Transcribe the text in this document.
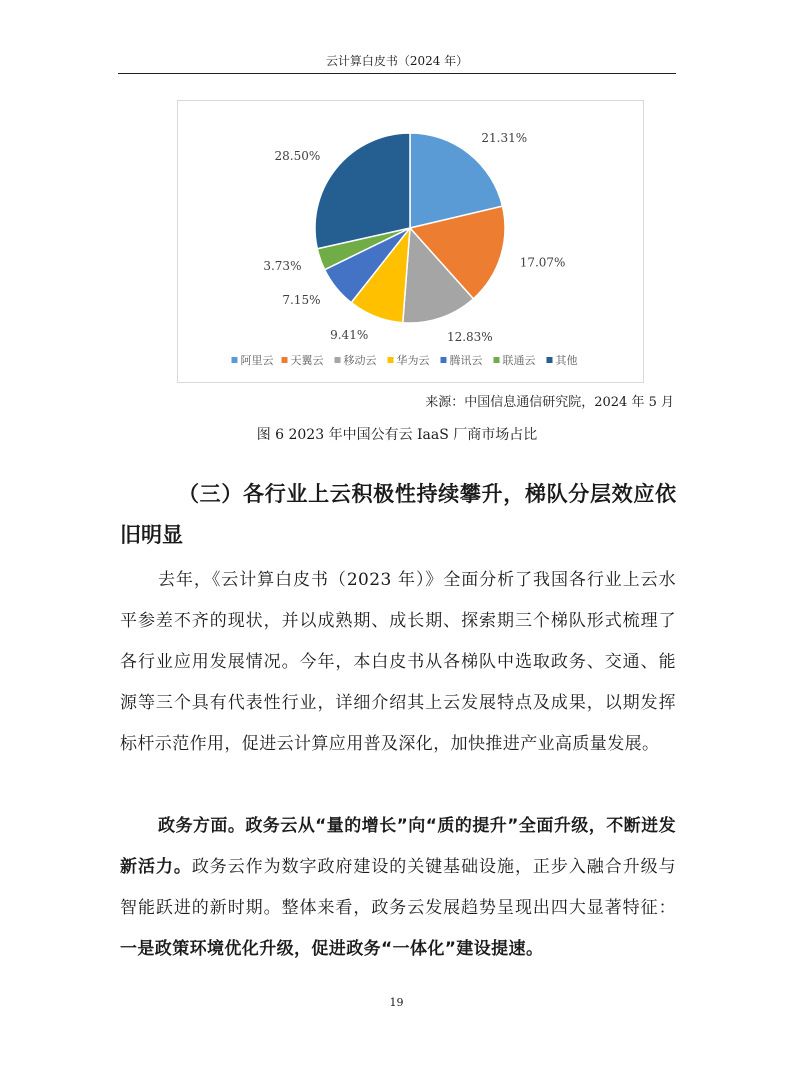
云计算白皮书（2024 年）
21.31%
17.07%
12.83%
9.41%
7.15%
3.73%
28.50%
阿里云 天翼云 移动云 华为云 腾讯云 联通云 其他
来源：中国信息通信研究院，2024 年 5 月
图 6 2023 年中国公有云 IaaS 厂商市场占比
（三）各行业上云积极性持续攀升，梯队分层效应依旧明显
去年，《云计算白皮书（2023 年）》全面分析了我国各行业上云水平参差不齐的现状，并以成熟期、成长期、探索期三个梯队形式梳理了各行业应用发展情况。今年，本白皮书从各梯队中选取政务、交通、能源等三个具有代表性行业，详细介绍其上云发展特点及成果，以期发挥标杆示范作用，促进云计算应用普及深化，加快推进产业高质量发展。
政务方面。政务云从“量的增长”向“质的提升”全面升级，不断迸发新活力。政务云作为数字政府建设的关键基础设施，正步入融合升级与智能跃进的新时期。整体来看，政务云发展趋势呈现出四大显著特征：一是政策环境优化升级，促进政务“一体化”建设提速。
19
